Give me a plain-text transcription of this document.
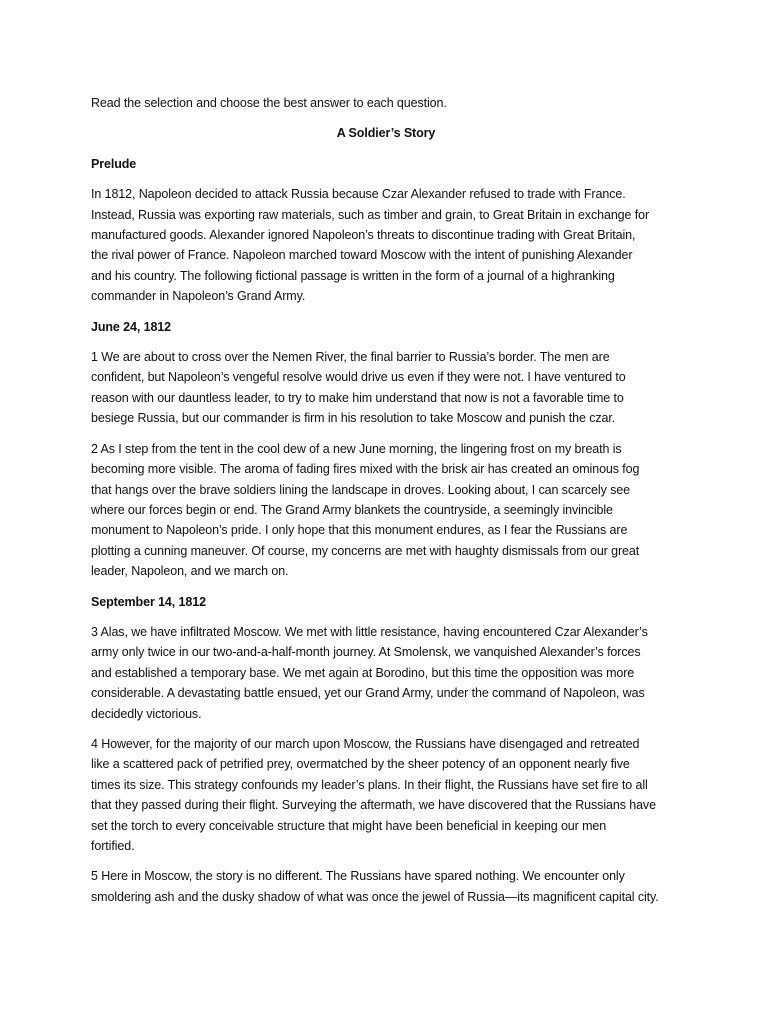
Read the selection and choose the best answer to each question.

A Soldier’s Story

Prelude

In 1812, Napoleon decided to attack Russia because Czar Alexander refused to trade with France.
Instead, Russia was exporting raw materials, such as timber and grain, to Great Britain in exchange for
manufactured goods. Alexander ignored Napoleon’s threats to discontinue trading with Great Britain,
the rival power of France. Napoleon marched toward Moscow with the intent of punishing Alexander
and his country. The following fictional passage is written in the form of a journal of a highranking
commander in Napoleon’s Grand Army.

June 24, 1812

1 We are about to cross over the Nemen River, the final barrier to Russia’s border. The men are
confident, but Napoleon’s vengeful resolve would drive us even if they were not. I have ventured to
reason with our dauntless leader, to try to make him understand that now is not a favorable time to
besiege Russia, but our commander is firm in his resolution to take Moscow and punish the czar.
2 As I step from the tent in the cool dew of a new June morning, the lingering frost on my breath is
becoming more visible. The aroma of fading fires mixed with the brisk air has created an ominous fog
that hangs over the brave soldiers lining the landscape in droves. Looking about, I can scarcely see
where our forces begin or end. The Grand Army blankets the countryside, a seemingly invincible
monument to Napoleon’s pride. I only hope that this monument endures, as I fear the Russians are
plotting a cunning maneuver. Of course, my concerns are met with haughty dismissals from our great
leader, Napoleon, and we march on.

September 14, 1812

3 Alas, we have infiltrated Moscow. We met with little resistance, having encountered Czar Alexander’s
army only twice in our two-and-a-half-month journey. At Smolensk, we vanquished Alexander’s forces
and established a temporary base. We met again at Borodino, but this time the opposition was more
considerable. A devastating battle ensued, yet our Grand Army, under the command of Napoleon, was
decidedly victorious.
4 However, for the majority of our march upon Moscow, the Russians have disengaged and retreated
like a scattered pack of petrified prey, overmatched by the sheer potency of an opponent nearly five
times its size. This strategy confounds my leader’s plans. In their flight, the Russians have set fire to all
that they passed during their flight. Surveying the aftermath, we have discovered that the Russians have
set the torch to every conceivable structure that might have been beneficial in keeping our men
fortified.
5 Here in Moscow, the story is no different. The Russians have spared nothing. We encounter only
smoldering ash and the dusky shadow of what was once the jewel of Russia—its magnificent capital city.
